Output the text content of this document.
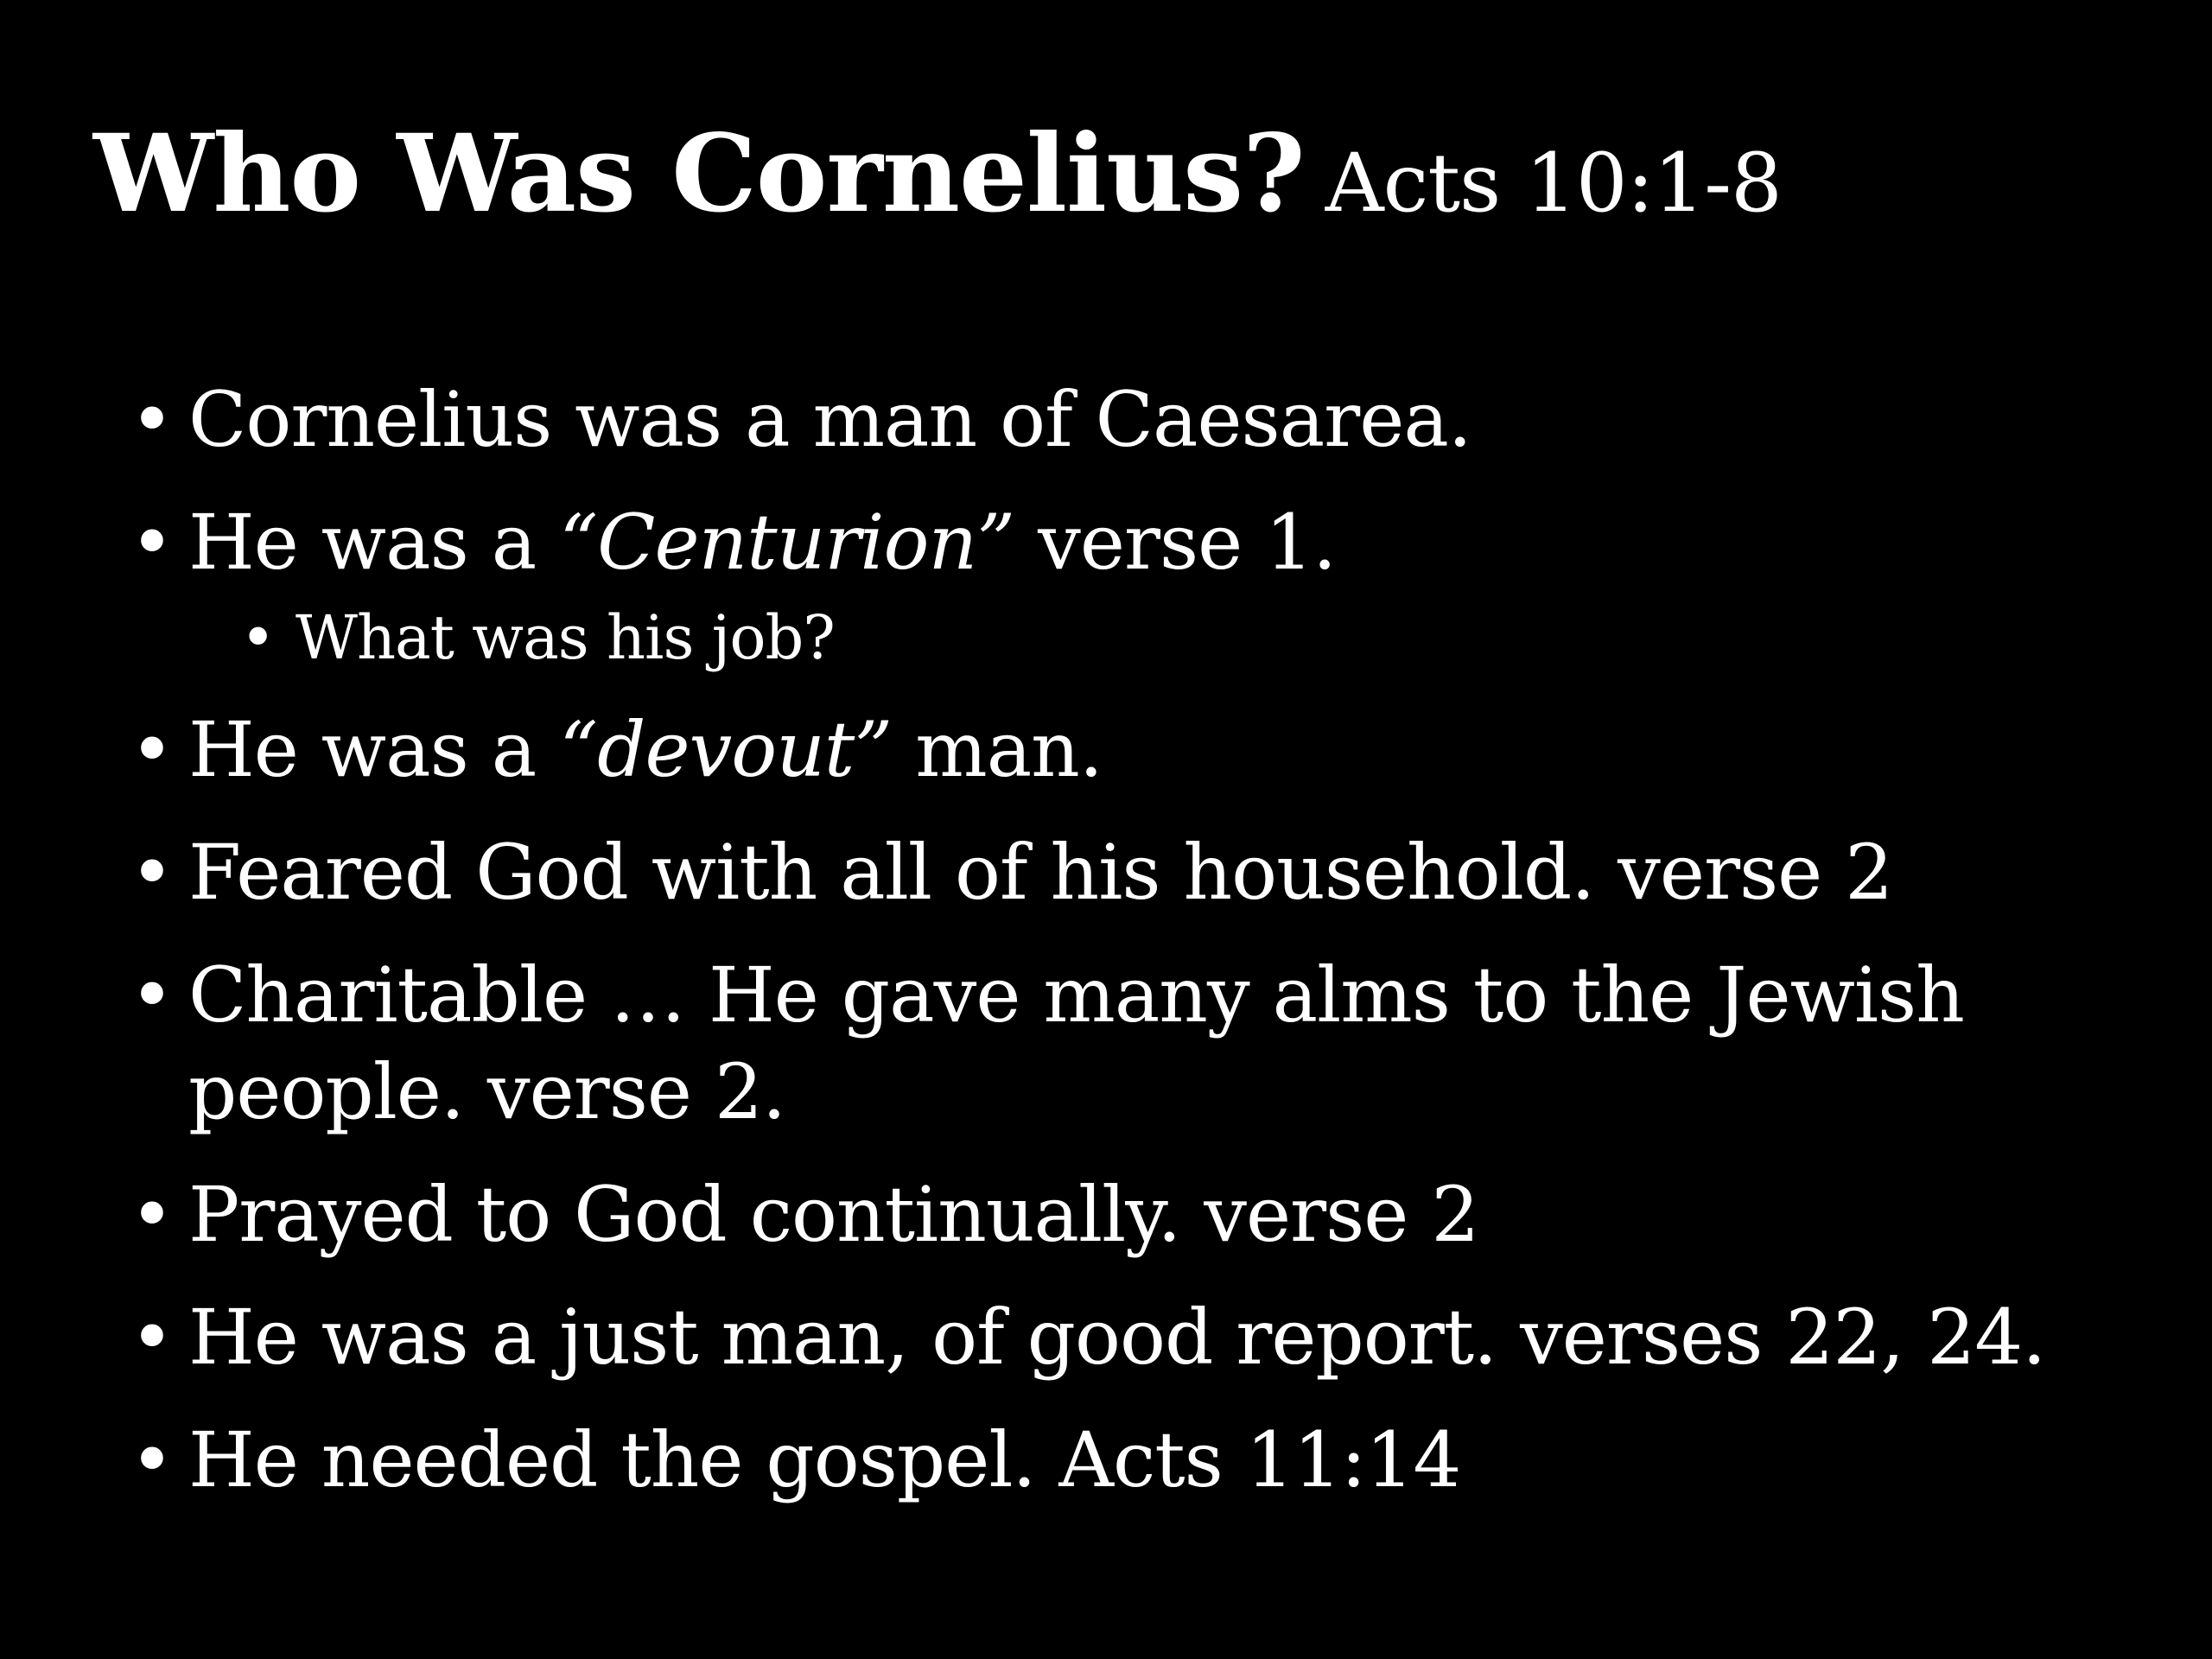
Who Was Cornelius? Acts 10:1-8
• Cornelius was a man of Caesarea.
• He was a “Centurion” verse 1.
• What was his job?
• He was a “devout” man.
• Feared God with all of his household. verse 2
• Charitable … He gave many alms to the Jewish people. verse 2.
• Prayed to God continually. verse 2
• He was a just man, of good report. verses 22, 24.
• He needed the gospel. Acts 11:14
